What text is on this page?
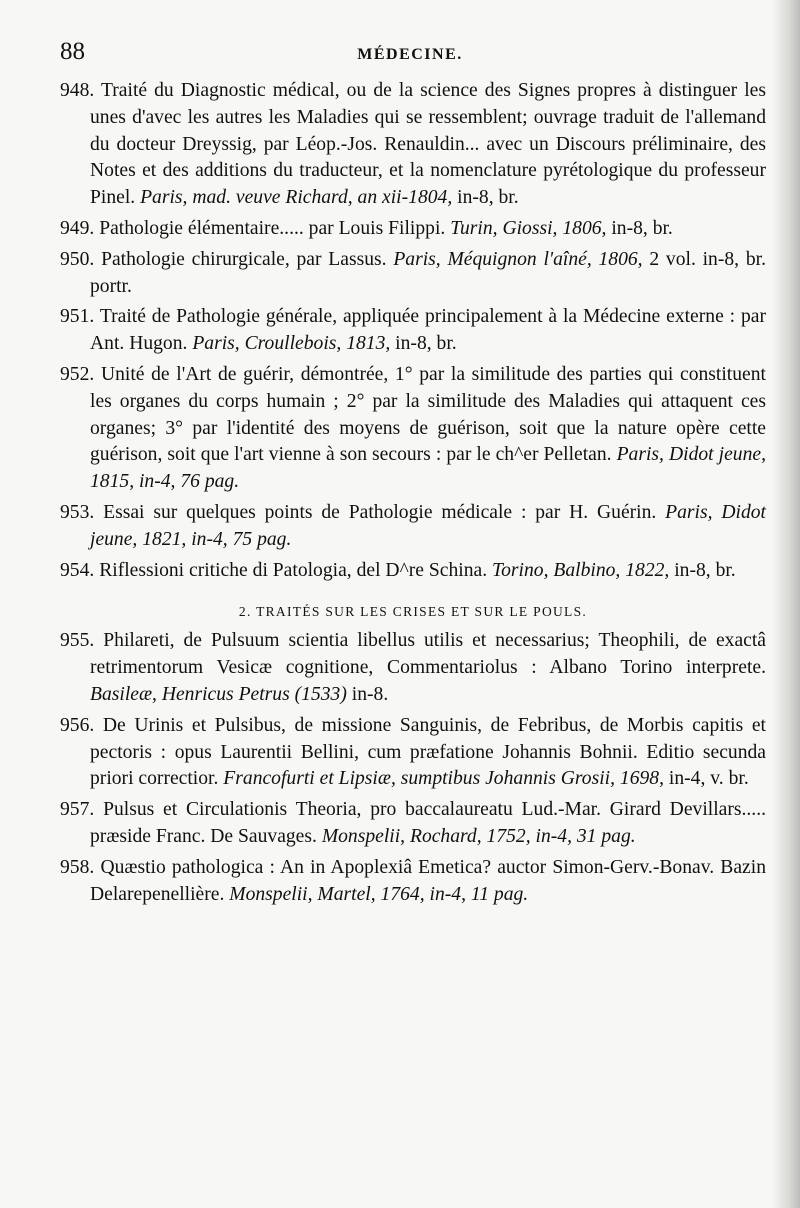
88	MÉDECINE.

948. Traité du Diagnostic médical, ou de la science des Signes propres à distinguer les unes d'avec les autres les Maladies qui se ressemblent; ouvrage traduit de l'allemand du docteur Dreyssig, par Léop.-Jos. Renauldin... avec un Discours préliminaire, des Notes et des additions du traducteur, et la nomenclature pyrétologique du professeur Pinel. Paris, mad. veuve Richard, an xii-1804, in-8, br.

949. Pathologie élémentaire..... par Louis Filippi. Turin, Giossi, 1806, in-8, br.

950. Pathologie chirurgicale, par Lassus. Paris, Méquignon l'aîné, 1806, 2 vol. in-8, br. portr.

951. Traité de Pathologie générale, appliquée principalement à la Médecine externe : par Ant. Hugon. Paris, Croullebois, 1813, in-8, br.

952. Unité de l'Art de guérir, démontrée, 1° par la similitude des parties qui constituent les organes du corps humain ; 2° par la similitude des Maladies qui attaquent ces organes; 3° par l'identité des moyens de guérison, soit que la nature opère cette guérison, soit que l'art vienne à son secours : par le ch^er Pelletan. Paris, Didot jeune, 1815, in-4, 76 pag.

953. Essai sur quelques points de Pathologie médicale : par H. Guérin. Paris, Didot jeune, 1821, in-4, 75 pag.

954. Riflessioni critiche di Patologia, del D^re Schina. Torino, Balbino, 1822, in-8, br.

2. TRAITÉS SUR LES CRISES ET SUR LE POULS.

955. Philareti, de Pulsuum scientia libellus utilis et necessarius; Theophili, de exactâ retrimentorum Vesicæ cognitione, Commentariolus : Albano Torino interprete. Basileæ, Henricus Petrus (1533) in-8.

956. De Urinis et Pulsibus, de missione Sanguinis, de Febribus, de Morbis capitis et pectoris : opus Laurentii Bellini, cum præfatione Johannis Bohnii. Editio secunda priori correctior. Francofurti et Lipsiæ, sumptibus Johannis Grosii, 1698, in-4, v. br.

957. Pulsus et Circulationis Theoria, pro baccalaureatu Lud.-Mar. Girard Devillars..... præside Franc. De Sauvages. Monspelii, Rochard, 1752, in-4, 31 pag.

958. Quæstio pathologica : An in Apoplexiâ Emetica? auctor Simon-Gerv.-Bonav. Bazin Delarepenellière. Monspelii, Martel, 1764, in-4, 11 pag.
